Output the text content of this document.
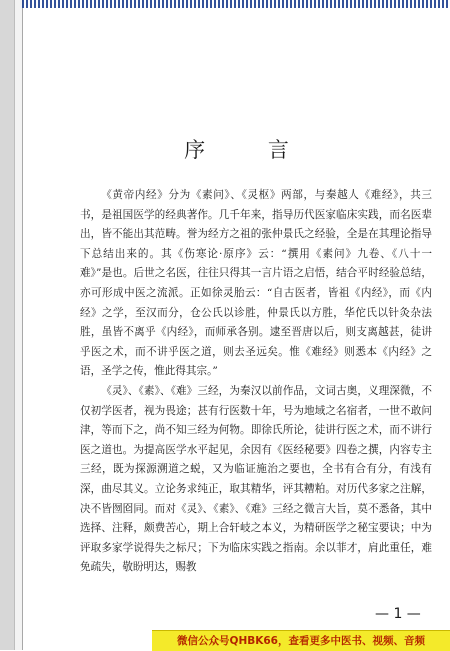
序 言

《黄帝内经》分为《素问》、《灵枢》两部，与秦越人《难经》，共三书，是祖国医学的经典著作。几千年来，指导历代医家临床实践，而名医辈出，皆不能出其范畴。誉为经方之祖的张仲景氏之经验，全是在其理论指导下总结出来的。其《伤寒论·原序》云：“撰用《素问》九卷、《八十一难》”是也。后世之名医，往往只得其一言片语之启悟，结合平时经验总结，亦可形成中医之流派。正如徐灵胎云：“自古医者，皆祖《内经》，而《内经》之学，至汉而分，仓公氏以诊胜，仲景氏以方胜，华佗氏以针灸杂法胜，虽皆不离乎《内经》，而师承各别。逮至晋唐以后，则支离越甚，徒讲乎医之术，而不讲乎医之道，则去圣远矣。惟《难经》则悉本《内经》之语，圣学之传，惟此得其宗。”

《灵》、《素》、《难》三经，为秦汉以前作品，文词古奥，义理深微，不仅初学医者，视为畏途；甚有行医数十年，号为地域之名宿者，一世不敢问津，等而下之，尚不知三经为何物。即徐氏所论，徒讲行医之术，而不讲行医之道也。为提高医学水平起见，余因有《医经秘要》四卷之撰，内容专主三经，既为探源溯道之蜕，又为临证施治之要也，全书有合有分，有浅有深，曲尽其义。立论务求纯正，取其精华，评其糟粕。对历代多家之注解，决不皆囫囵同。而对《灵》、《素》、《难》三经之微言大旨，莫不悉备，其中选择、注释，颇费苦心，期上合轩岐之本义，为精研医学之秘宝要诀；中为评取多家学说得失之标尺；下为临床实践之指南。余以菲才，肩此重任，难免疏失，敬盼明达，赐教

— 1 —
微信公众号QHBK66，查看更多中医书、视频、音频
